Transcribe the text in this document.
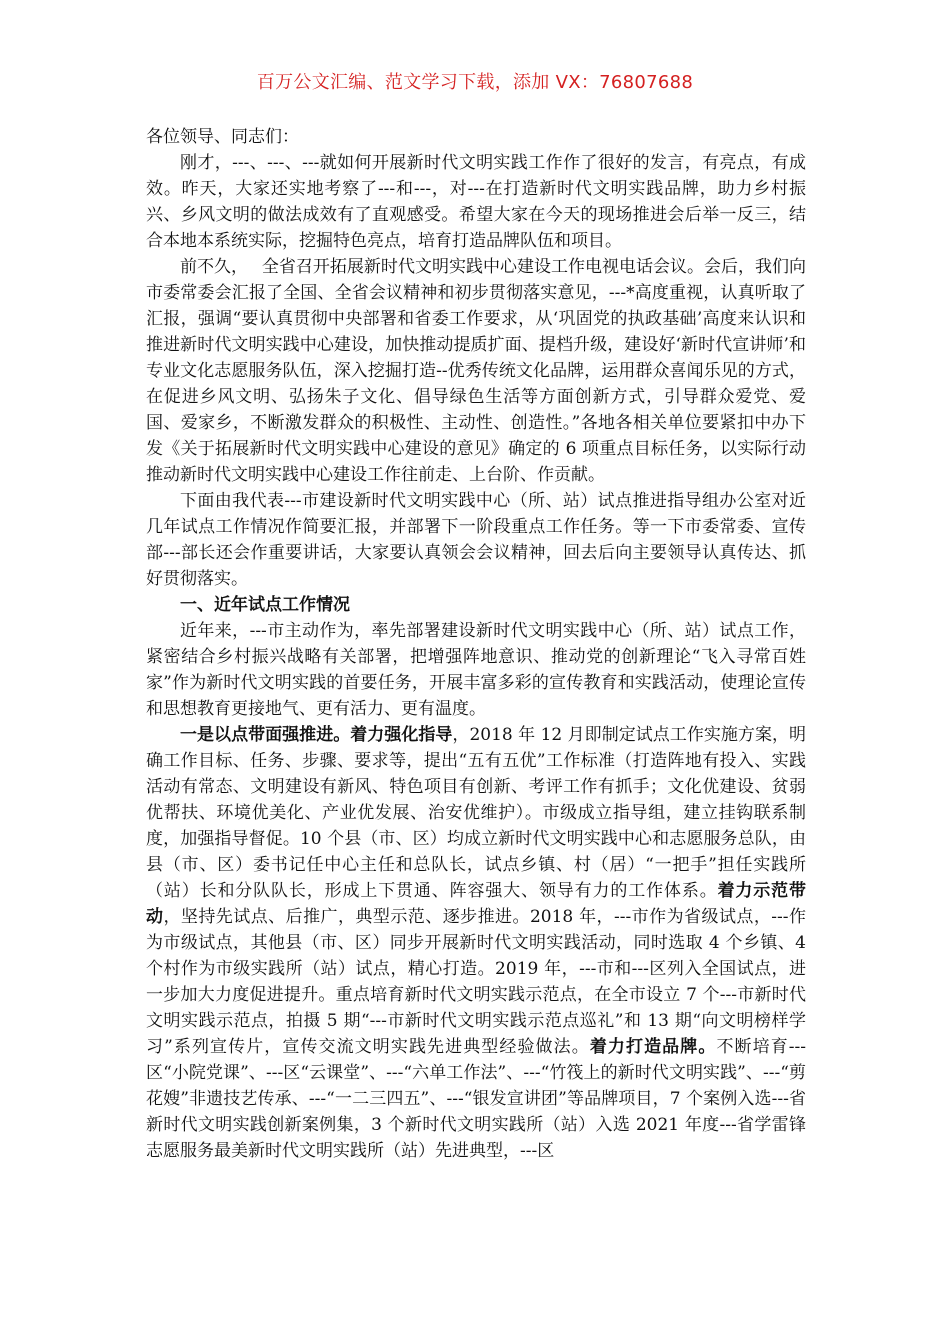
百万公文汇编、范文学习下载，添加 VX：76807688

各位领导、同志们：

刚才，---、---、---就如何开展新时代文明实践工作作了很好的发言，有亮点，有成效。昨天，大家还实地考察了---和---，对---在打造新时代文明实践品牌，助力乡村振兴、乡风文明的做法成效有了直观感受。希望大家在今天的现场推进会后举一反三，结合本地本系统实际，挖掘特色亮点，培育打造品牌队伍和项目。

前不久，　 全省召开拓展新时代文明实践中心建设工作电视电话会议。会后，我们向市委常委会汇报了全国、全省会议精神和初步贯彻落实意见，---*高度重视，认真听取了汇报，强调“要认真贯彻中央部署和省委工作要求，从‘巩固党的执政基础’高度来认识和推进新时代文明实践中心建设，加快推动提质扩面、提档升级，建设好‘新时代宣讲师’和专业文化志愿服务队伍，深入挖掘打造--优秀传统文化品牌，运用群众喜闻乐见的方式，在促进乡风文明、弘扬朱子文化、倡导绿色生活等方面创新方式，引导群众爱党、爱国、爱家乡，不断激发群众的积极性、主动性、创造性。”各地各相关单位要紧扣中办下发《关于拓展新时代文明实践中心建设的意见》确定的 6 项重点目标任务，以实际行动推动新时代文明实践中心建设工作往前走、上台阶、作贡献。

下面由我代表---市建设新时代文明实践中心（所、站）试点推进指导组办公室对近几年试点工作情况作简要汇报，并部署下一阶段重点工作任务。等一下市委常委、宣传部---部长还会作重要讲话，大家要认真领会会议精神，回去后向主要领导认真传达、抓好贯彻落实。

一、近年试点工作情况

近年来，---市主动作为，率先部署建设新时代文明实践中心（所、站）试点工作，紧密结合乡村振兴战略有关部署，把增强阵地意识、推动党的创新理论“飞入寻常百姓家”作为新时代文明实践的首要任务，开展丰富多彩的宣传教育和实践活动，使理论宣传和思想教育更接地气、更有活力、更有温度。

一是以点带面强推进。着力强化指导，2018 年 12 月即制定试点工作实施方案，明确工作目标、任务、步骤、要求等，提出“五有五优”工作标准（打造阵地有投入、实践活动有常态、文明建设有新风、特色项目有创新、考评工作有抓手；文化优建设、贫弱优帮扶、环境优美化、产业优发展、治安优维护）。市级成立指导组，建立挂钩联系制度，加强指导督促。10 个县（市、区）均成立新时代文明实践中心和志愿服务总队，由县（市、区）委书记任中心主任和总队长，试点乡镇、村（居）“一把手”担任实践所（站）长和分队队长，形成上下贯通、阵容强大、领导有力的工作体系。着力示范带动，坚持先试点、后推广，典型示范、逐步推进。2018 年，---市作为省级试点，---作为市级试点，其他县（市、区）同步开展新时代文明实践活动，同时选取 4 个乡镇、4 个村作为市级实践所（站）试点，精心打造。2019 年，---市和---区列入全国试点，进一步加大力度促进提升。重点培育新时代文明实践示范点，在全市设立 7 个---市新时代文明实践示范点，拍摄 5 期“---市新时代文明实践示范点巡礼”和 13 期“向文明榜样学习”系列宣传片，宣传交流文明实践先进典型经验做法。着力打造品牌。不断培育---区“小院党课”、---区“云课堂”、---“六单工作法”、---“竹筏上的新时代文明实践”、---“剪花嫂”非遗技艺传承、---“一二三四五”、---“银发宣讲团”等品牌项目，7 个案例入选---省新时代文明实践创新案例集，3 个新时代文明实践所（站）入选 2021 年度---省学雷锋志愿服务最美新时代文明实践所（站）先进典型，---区
